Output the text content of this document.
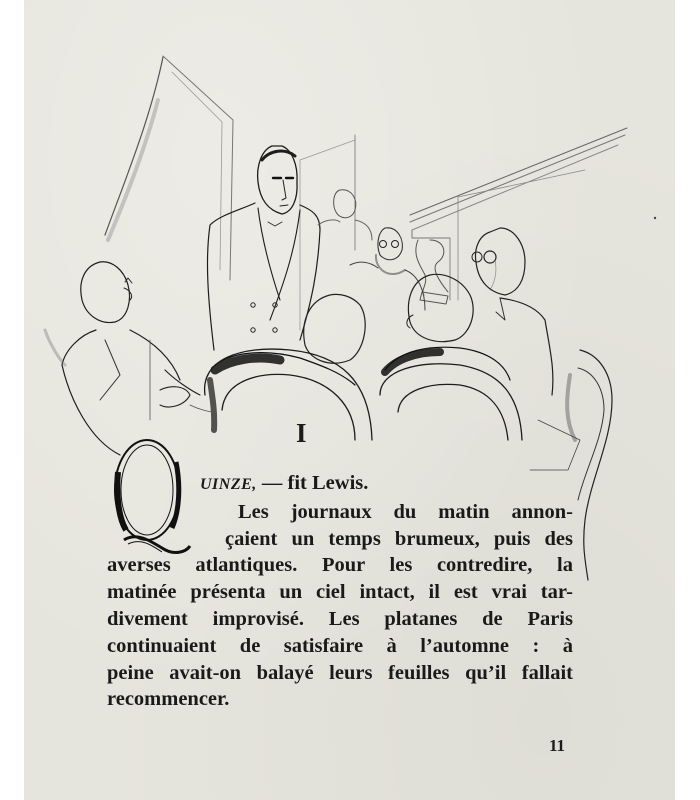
I
UINZE, — fit Lewis.
Les journaux du matin annon-
çaient un temps brumeux, puis des
averses atlantiques. Pour les contredire, la
matinée présenta un ciel intact, il est vrai tar-
divement improvisé. Les platanes de Paris
continuaient de satisfaire à l’automne : à
peine avait-on balayé leurs feuilles qu’il fallait
recommencer.
11
